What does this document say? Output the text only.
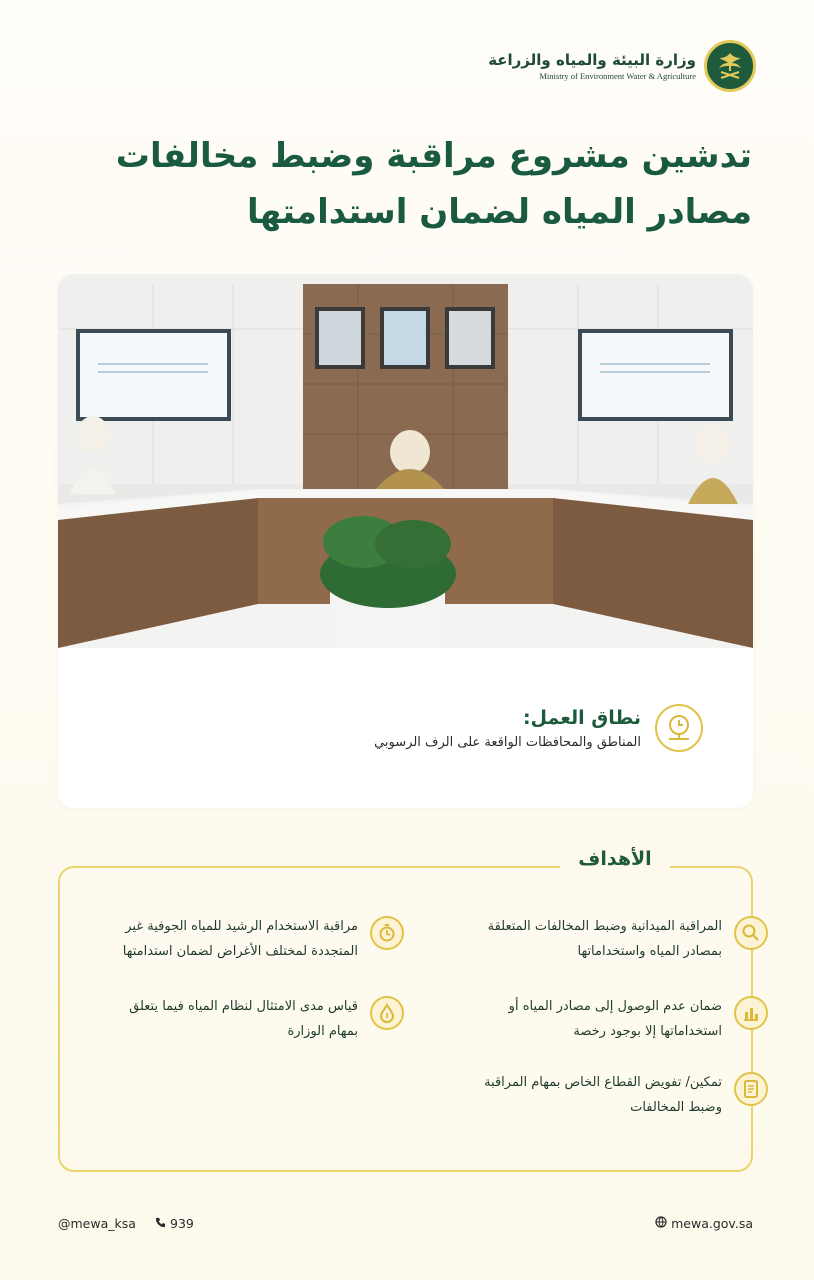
وزارة البيئة والمياه والزراعة
Ministry of Environment Water & Agriculture
تدشين مشروع مراقبة وضبط مخالفات
مصادر المياه لضمان استدامتها
نطاق العمل:
المناطق والمحافظات الواقعة على الرف الرسوبي
الأهداف
المراقبة الميدانية وضبط المخالفات المتعلقة بمصادر المياه واستخداماتها
مراقبة الاستخدام الرشيد للمياه الجوفية غير المتجددة لمختلف الأغراض لضمان استدامتها
ضمان عدم الوصول إلى مصادر المياه أو استخداماتها إلا بوجود رخصة
قياس مدى الامتثال لنظام المياه فيما يتعلق بمهام الوزارة
تمكين/ تفويض القطاع الخاص بمهام المراقبة وضبط المخالفات
@mewa_ksa	939	mewa.gov.sa
